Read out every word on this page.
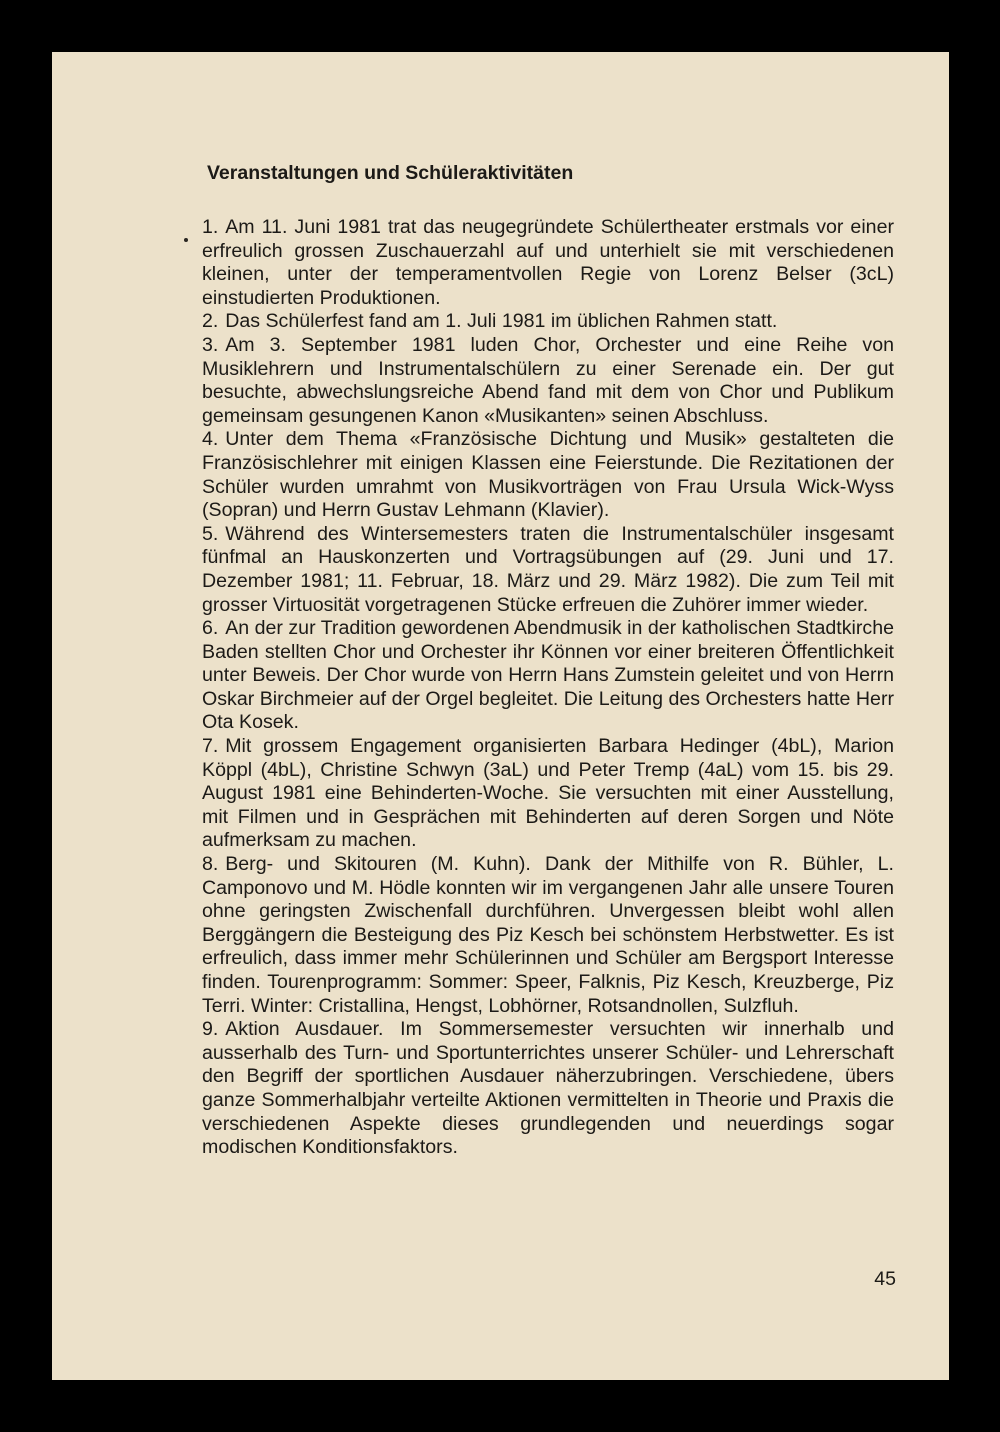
Veranstaltungen und Schüleraktivitäten

1. Am 11. Juni 1981 trat das neugegründete Schülertheater erstmals vor einer erfreulich grossen Zuschauerzahl auf und unterhielt sie mit verschiedenen kleinen, unter der temperamentvollen Regie von Lorenz Belser (3cL) einstudierten Produktionen.

2. Das Schülerfest fand am 1. Juli 1981 im üblichen Rahmen statt.

3. Am 3. September 1981 luden Chor, Orchester und eine Reihe von Musiklehrern und Instrumentalschülern zu einer Serenade ein. Der gut besuchte, abwechslungsreiche Abend fand mit dem von Chor und Publikum gemeinsam gesungenen Kanon «Musikanten» seinen Abschluss.

4. Unter dem Thema «Französische Dichtung und Musik» gestalteten die Französischlehrer mit einigen Klassen eine Feierstunde. Die Rezitationen der Schüler wurden umrahmt von Musikvorträgen von Frau Ursula Wick-Wyss (Sopran) und Herrn Gustav Lehmann (Klavier).

5. Während des Wintersemesters traten die Instrumentalschüler insgesamt fünfmal an Hauskonzerten und Vortragsübungen auf (29. Juni und 17. Dezember 1981; 11. Februar, 18. März und 29. März 1982). Die zum Teil mit grosser Virtuosität vorgetragenen Stücke erfreuen die Zuhörer immer wieder.

6. An der zur Tradition gewordenen Abendmusik in der katholischen Stadtkirche Baden stellten Chor und Orchester ihr Können vor einer breiteren Öffentlichkeit unter Beweis. Der Chor wurde von Herrn Hans Zumstein geleitet und von Herrn Oskar Birchmeier auf der Orgel begleitet. Die Leitung des Orchesters hatte Herr Ota Kosek.

7. Mit grossem Engagement organisierten Barbara Hedinger (4bL), Marion Köppl (4bL), Christine Schwyn (3aL) und Peter Tremp (4aL) vom 15. bis 29. August 1981 eine Behinderten-Woche. Sie versuchten mit einer Ausstellung, mit Filmen und in Gesprächen mit Behinderten auf deren Sorgen und Nöte aufmerksam zu machen.

8. Berg- und Skitouren (M. Kuhn). Dank der Mithilfe von R. Bühler, L. Camponovo und M. Hödle konnten wir im vergangenen Jahr alle unsere Touren ohne geringsten Zwischenfall durchführen. Unvergessen bleibt wohl allen Berggängern die Besteigung des Piz Kesch bei schönstem Herbstwetter. Es ist erfreulich, dass immer mehr Schülerinnen und Schüler am Bergsport Interesse finden. Tourenprogramm: Sommer: Speer, Falknis, Piz Kesch, Kreuzberge, Piz Terri. Winter: Cristallina, Hengst, Lobhörner, Rotsandnollen, Sulzfluh.

9. Aktion Ausdauer. Im Sommersemester versuchten wir innerhalb und ausserhalb des Turn- und Sportunterrichtes unserer Schüler- und Lehrerschaft den Begriff der sportlichen Ausdauer näherzubringen. Verschiedene, übers ganze Sommerhalbjahr verteilte Aktionen vermittelten in Theorie und Praxis die verschiedenen Aspekte dieses grundlegenden und neuerdings sogar modischen Konditionsfaktors.

45
